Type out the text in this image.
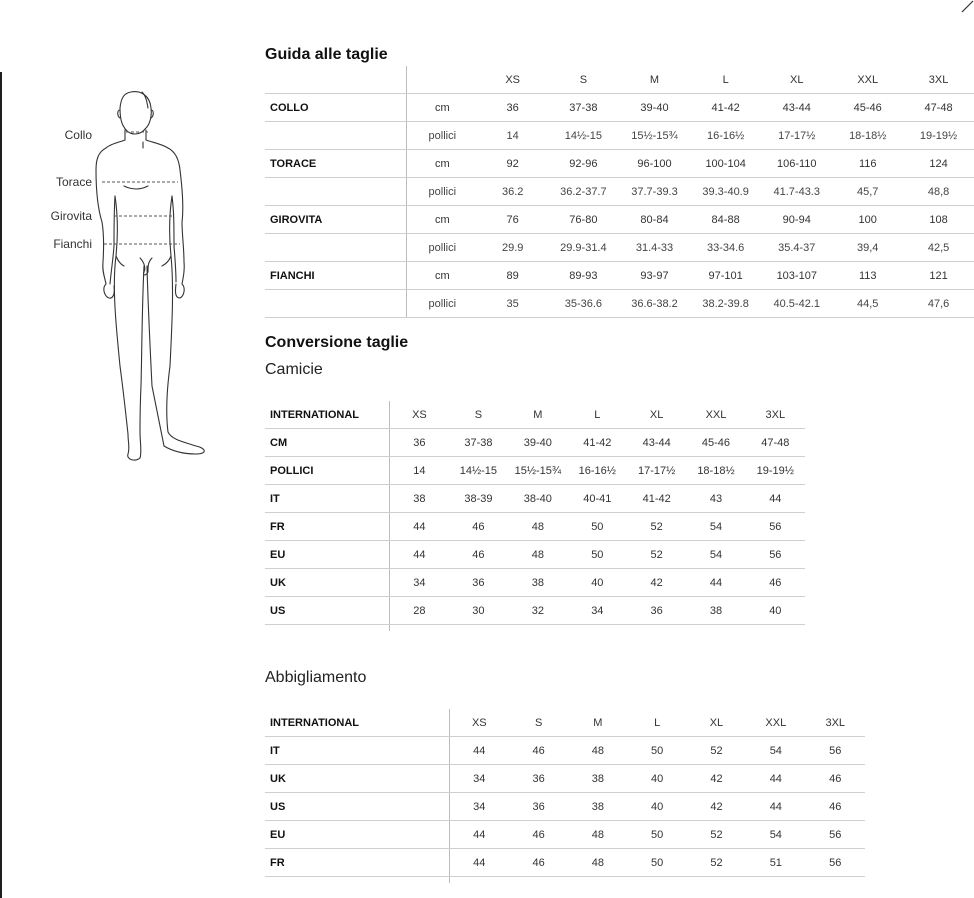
Collo
Torace
Girovita
Fianchi
Guida alle taglie
		XS	S	M	L	XL	XXL	3XL
COLLO	cm	36	37-38	39-40	41-42	43-44	45-46	47-48
	pollici	14	14½-15	15½-15¾	16-16½	17-17½	18-18½	19-19½
TORACE	cm	92	92-96	96-100	100-104	106-110	116	124
	pollici	36.2	36.2-37.7	37.7-39.3	39.3-40.9	41.7-43.3	45,7	48,8
GIROVITA	cm	76	76-80	80-84	84-88	90-94	100	108
	pollici	29.9	29.9-31.4	31.4-33	33-34.6	35.4-37	39,4	42,5
FIANCHI	cm	89	89-93	93-97	97-101	103-107	113	121
	pollici	35	35-36.6	36.6-38.2	38.2-39.8	40.5-42.1	44,5	47,6
Conversione taglie
Camicie
INTERNATIONAL	XS	S	M	L	XL	XXL	3XL
CM	36	37-38	39-40	41-42	43-44	45-46	47-48
POLLICI	14	14½-15	15½-15¾	16-16½	17-17½	18-18½	19-19½
IT	38	38-39	38-40	40-41	41-42	43	44
FR	44	46	48	50	52	54	56
EU	44	46	48	50	52	54	56
UK	34	36	38	40	42	44	46
US	28	30	32	34	36	38	40

Abbigliamento
INTERNATIONAL	XS	S	M	L	XL	XXL	3XL
IT	44	46	48	50	52	54	56
UK	34	36	38	40	42	44	46
US	34	36	38	40	42	44	46
EU	44	46	48	50	52	54	56
FR	44	46	48	50	52	51	56
